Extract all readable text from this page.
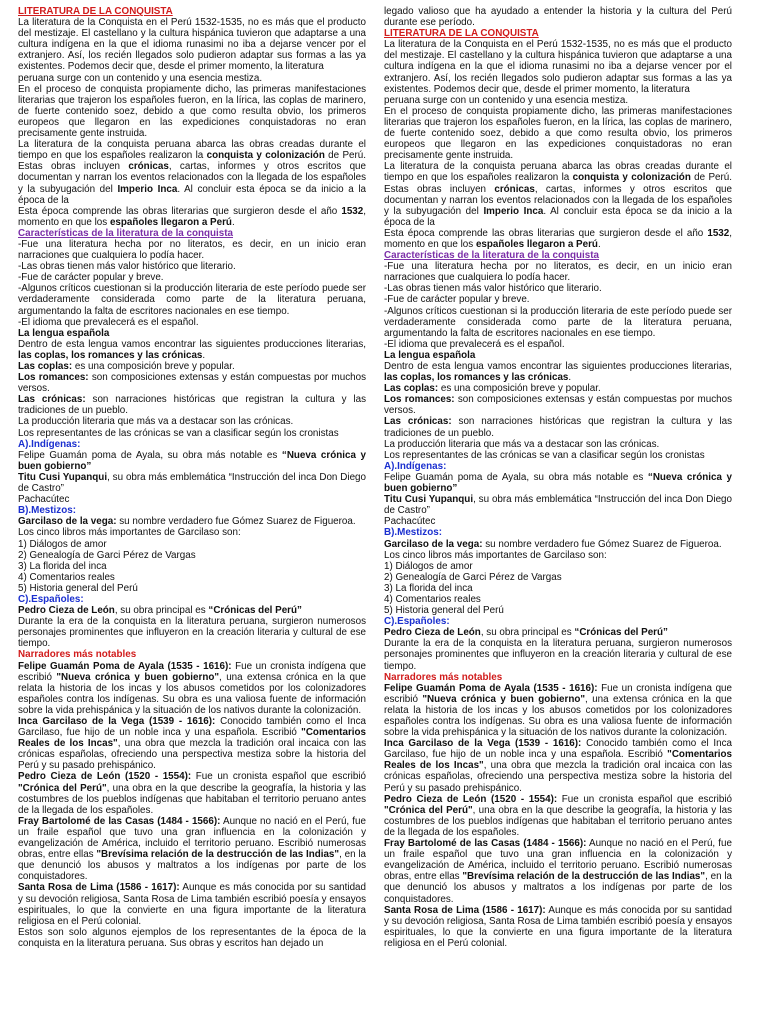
LITERATURA DE LA CONQUISTA

La literatura de la Conquista en el Perú 1532-1535, no es más que el producto del mestizaje. El castellano y la cultura hispánica tuvieron que adaptarse a una cultura indígena en la que el idioma runasimi no iba a dejarse vencer por el extranjero. Así, los recién llegados solo pudieron adaptar sus formas a las ya existentes. Podemos decir que, desde el primer momento, la literatura

peruana surge con un contenido y una esencia mestiza.

En el proceso de conquista propiamente dicho, las primeras manifestaciones literarias que trajeron los españoles fueron, en la lírica, las coplas de marinero, de fuerte contenido soez, debido a que como resulta obvio, los primeros europeos que llegaron en las expediciones conquistadoras no eran precisamente gente instruida.

La literatura de la conquista peruana abarca las obras creadas durante el tiempo en que los españoles realizaron la conquista y colonización de Perú. Estas obras incluyen crónicas, cartas, informes y otros escritos que documentan y narran los eventos relacionados con la llegada de los españoles y la subyugación del Imperio Inca. Al concluir esta época se da inicio a la época de la

Esta época comprende las obras literarias que surgieron desde el año 1532, momento en que los españoles llegaron a Perú.

Características de la literatura de la conquista

-Fue una literatura hecha por no literatos, es decir, en un inicio eran narraciones que cualquiera lo podía hacer.

-Las obras tienen más valor histórico que literario.

-Fue de carácter popular y breve.

-Algunos críticos cuestionan si la producción literaria de este período puede ser verdaderamente considerada como parte de la literatura peruana, argumentando la falta de escritores nacionales en ese tiempo.

-El idioma que prevalecerá es el español.

La lengua española

Dentro de esta lengua vamos encontrar las siguientes producciones literarias, las coplas, los romances y las crónicas.

Las coplas: es una composición breve y popular.

Los romances: son composiciones extensas y están compuestas por muchos versos.

Las crónicas: son narraciones históricas que registran la cultura y las tradiciones de un pueblo.

La producción literaria que más va a destacar son las crónicas.

Los representantes de las crónicas se van a clasificar según los cronistas

A).Indígenas:

Felipe Guamán poma de Ayala, su obra más notable es “Nueva crónica y buen gobierno”

Titu Cusi Yupanqui, su obra más emblemática “Instrucción del inca Don Diego de Castro”

Pachacútec

B).Mestizos:

Garcilaso de la vega: su nombre verdadero fue Gómez Suarez de Figueroa.

Los cinco libros más importantes de Garcilaso son:

1) Diálogos de amor

2) Genealogía de Garci Pérez de Vargas

3) La florida del inca

4) Comentarios reales

5) Historia general del Perú

C).Españoles:

Pedro Cieza de León, su obra principal es “Crónicas del Perú”

Durante la era de la conquista en la literatura peruana, surgieron numerosos personajes prominentes que influyeron en la creación literaria y cultural de ese tiempo.

Narradores más notables

Felipe Guamán Poma de Ayala (1535 - 1616): Fue un cronista indígena que escribió "Nueva crónica y buen gobierno", una extensa crónica en la que relata la historia de los incas y los abusos cometidos por los colonizadores españoles contra los indígenas. Su obra es una valiosa fuente de información sobre la vida prehispánica y la situación de los nativos durante la colonización.

Inca Garcilaso de la Vega (1539 - 1616): Conocido también como el Inca Garcilaso, fue hijo de un noble inca y una española. Escribió "Comentarios Reales de los Incas", una obra que mezcla la tradición oral incaica con las crónicas españolas, ofreciendo una perspectiva mestiza sobre la historia del Perú y su pasado prehispánico.

Pedro Cieza de León (1520 - 1554): Fue un cronista español que escribió "Crónica del Perú", una obra en la que describe la geografía, la historia y las costumbres de los pueblos indígenas que habitaban el territorio peruano antes de la llegada de los españoles.

Fray Bartolomé de las Casas (1484 - 1566): Aunque no nació en el Perú, fue un fraile español que tuvo una gran influencia en la colonización y evangelización de América, incluido el territorio peruano. Escribió numerosas obras, entre ellas "Brevísima relación de la destrucción de las Indias", en la que denunció los abusos y maltratos a los indígenas por parte de los conquistadores.

Santa Rosa de Lima (1586 - 1617): Aunque es más conocida por su santidad y su devoción religiosa, Santa Rosa de Lima también escribió poesía y ensayos espirituales, lo que la convierte en una figura importante de la literatura religiosa en el Perú colonial.

Estos son solo algunos ejemplos de los representantes de la época de la conquista en la literatura peruana. Sus obras y escritos han dejado un

legado valioso que ha ayudado a entender la historia y la cultura del Perú durante ese período.

LITERATURA DE LA CONQUISTA

La literatura de la Conquista en el Perú 1532-1535, no es más que el producto del mestizaje. El castellano y la cultura hispánica tuvieron que adaptarse a una cultura indígena en la que el idioma runasimi no iba a dejarse vencer por el extranjero. Así, los recién llegados solo pudieron adaptar sus formas a las ya existentes. Podemos decir que, desde el primer momento, la literatura

peruana surge con un contenido y una esencia mestiza.

En el proceso de conquista propiamente dicho, las primeras manifestaciones literarias que trajeron los españoles fueron, en la lírica, las coplas de marinero, de fuerte contenido soez, debido a que como resulta obvio, los primeros europeos que llegaron en las expediciones conquistadoras no eran precisamente gente instruida.

La literatura de la conquista peruana abarca las obras creadas durante el tiempo en que los españoles realizaron la conquista y colonización de Perú. Estas obras incluyen crónicas, cartas, informes y otros escritos que documentan y narran los eventos relacionados con la llegada de los españoles y la subyugación del Imperio Inca. Al concluir esta época se da inicio a la época de la

Esta época comprende las obras literarias que surgieron desde el año 1532, momento en que los españoles llegaron a Perú.

Características de la literatura de la conquista

-Fue una literatura hecha por no literatos, es decir, en un inicio eran narraciones que cualquiera lo podía hacer.

-Las obras tienen más valor histórico que literario.

-Fue de carácter popular y breve.

-Algunos críticos cuestionan si la producción literaria de este período puede ser verdaderamente considerada como parte de la literatura peruana, argumentando la falta de escritores nacionales en ese tiempo.

-El idioma que prevalecerá es el español.

La lengua española

Dentro de esta lengua vamos encontrar las siguientes producciones literarias, las coplas, los romances y las crónicas.

Las coplas: es una composición breve y popular.

Los romances: son composiciones extensas y están compuestas por muchos versos.

Las crónicas: son narraciones históricas que registran la cultura y las tradiciones de un pueblo.

La producción literaria que más va a destacar son las crónicas.

Los representantes de las crónicas se van a clasificar según los cronistas

A).Indígenas:

Felipe Guamán poma de Ayala, su obra más notable es “Nueva crónica y buen gobierno”

Titu Cusi Yupanqui, su obra más emblemática “Instrucción del inca Don Diego de Castro”

Pachacútec

B).Mestizos:

Garcilaso de la vega: su nombre verdadero fue Gómez Suarez de Figueroa.

Los cinco libros más importantes de Garcilaso son:

1) Diálogos de amor

2) Genealogía de Garci Pérez de Vargas

3) La florida del inca

4) Comentarios reales

5) Historia general del Perú

C).Españoles:

Pedro Cieza de León, su obra principal es “Crónicas del Perú”

Durante la era de la conquista en la literatura peruana, surgieron numerosos personajes prominentes que influyeron en la creación literaria y cultural de ese tiempo.

Narradores más notables

Felipe Guamán Poma de Ayala (1535 - 1616): Fue un cronista indígena que escribió "Nueva crónica y buen gobierno", una extensa crónica en la que relata la historia de los incas y los abusos cometidos por los colonizadores españoles contra los indígenas. Su obra es una valiosa fuente de información sobre la vida prehispánica y la situación de los nativos durante la colonización.

Inca Garcilaso de la Vega (1539 - 1616): Conocido también como el Inca Garcilaso, fue hijo de un noble inca y una española. Escribió "Comentarios Reales de los Incas", una obra que mezcla la tradición oral incaica con las crónicas españolas, ofreciendo una perspectiva mestiza sobre la historia del Perú y su pasado prehispánico.

Pedro Cieza de León (1520 - 1554): Fue un cronista español que escribió "Crónica del Perú", una obra en la que describe la geografía, la historia y las costumbres de los pueblos indígenas que habitaban el territorio peruano antes de la llegada de los españoles.

Fray Bartolomé de las Casas (1484 - 1566): Aunque no nació en el Perú, fue un fraile español que tuvo una gran influencia en la colonización y evangelización de América, incluido el territorio peruano. Escribió numerosas obras, entre ellas "Brevísima relación de la destrucción de las Indias", en la que denunció los abusos y maltratos a los indígenas por parte de los conquistadores.

Santa Rosa de Lima (1586 - 1617): Aunque es más conocida por su santidad y su devoción religiosa, Santa Rosa de Lima también escribió poesía y ensayos espirituales, lo que la convierte en una figura importante de la literatura religiosa en el Perú colonial.
